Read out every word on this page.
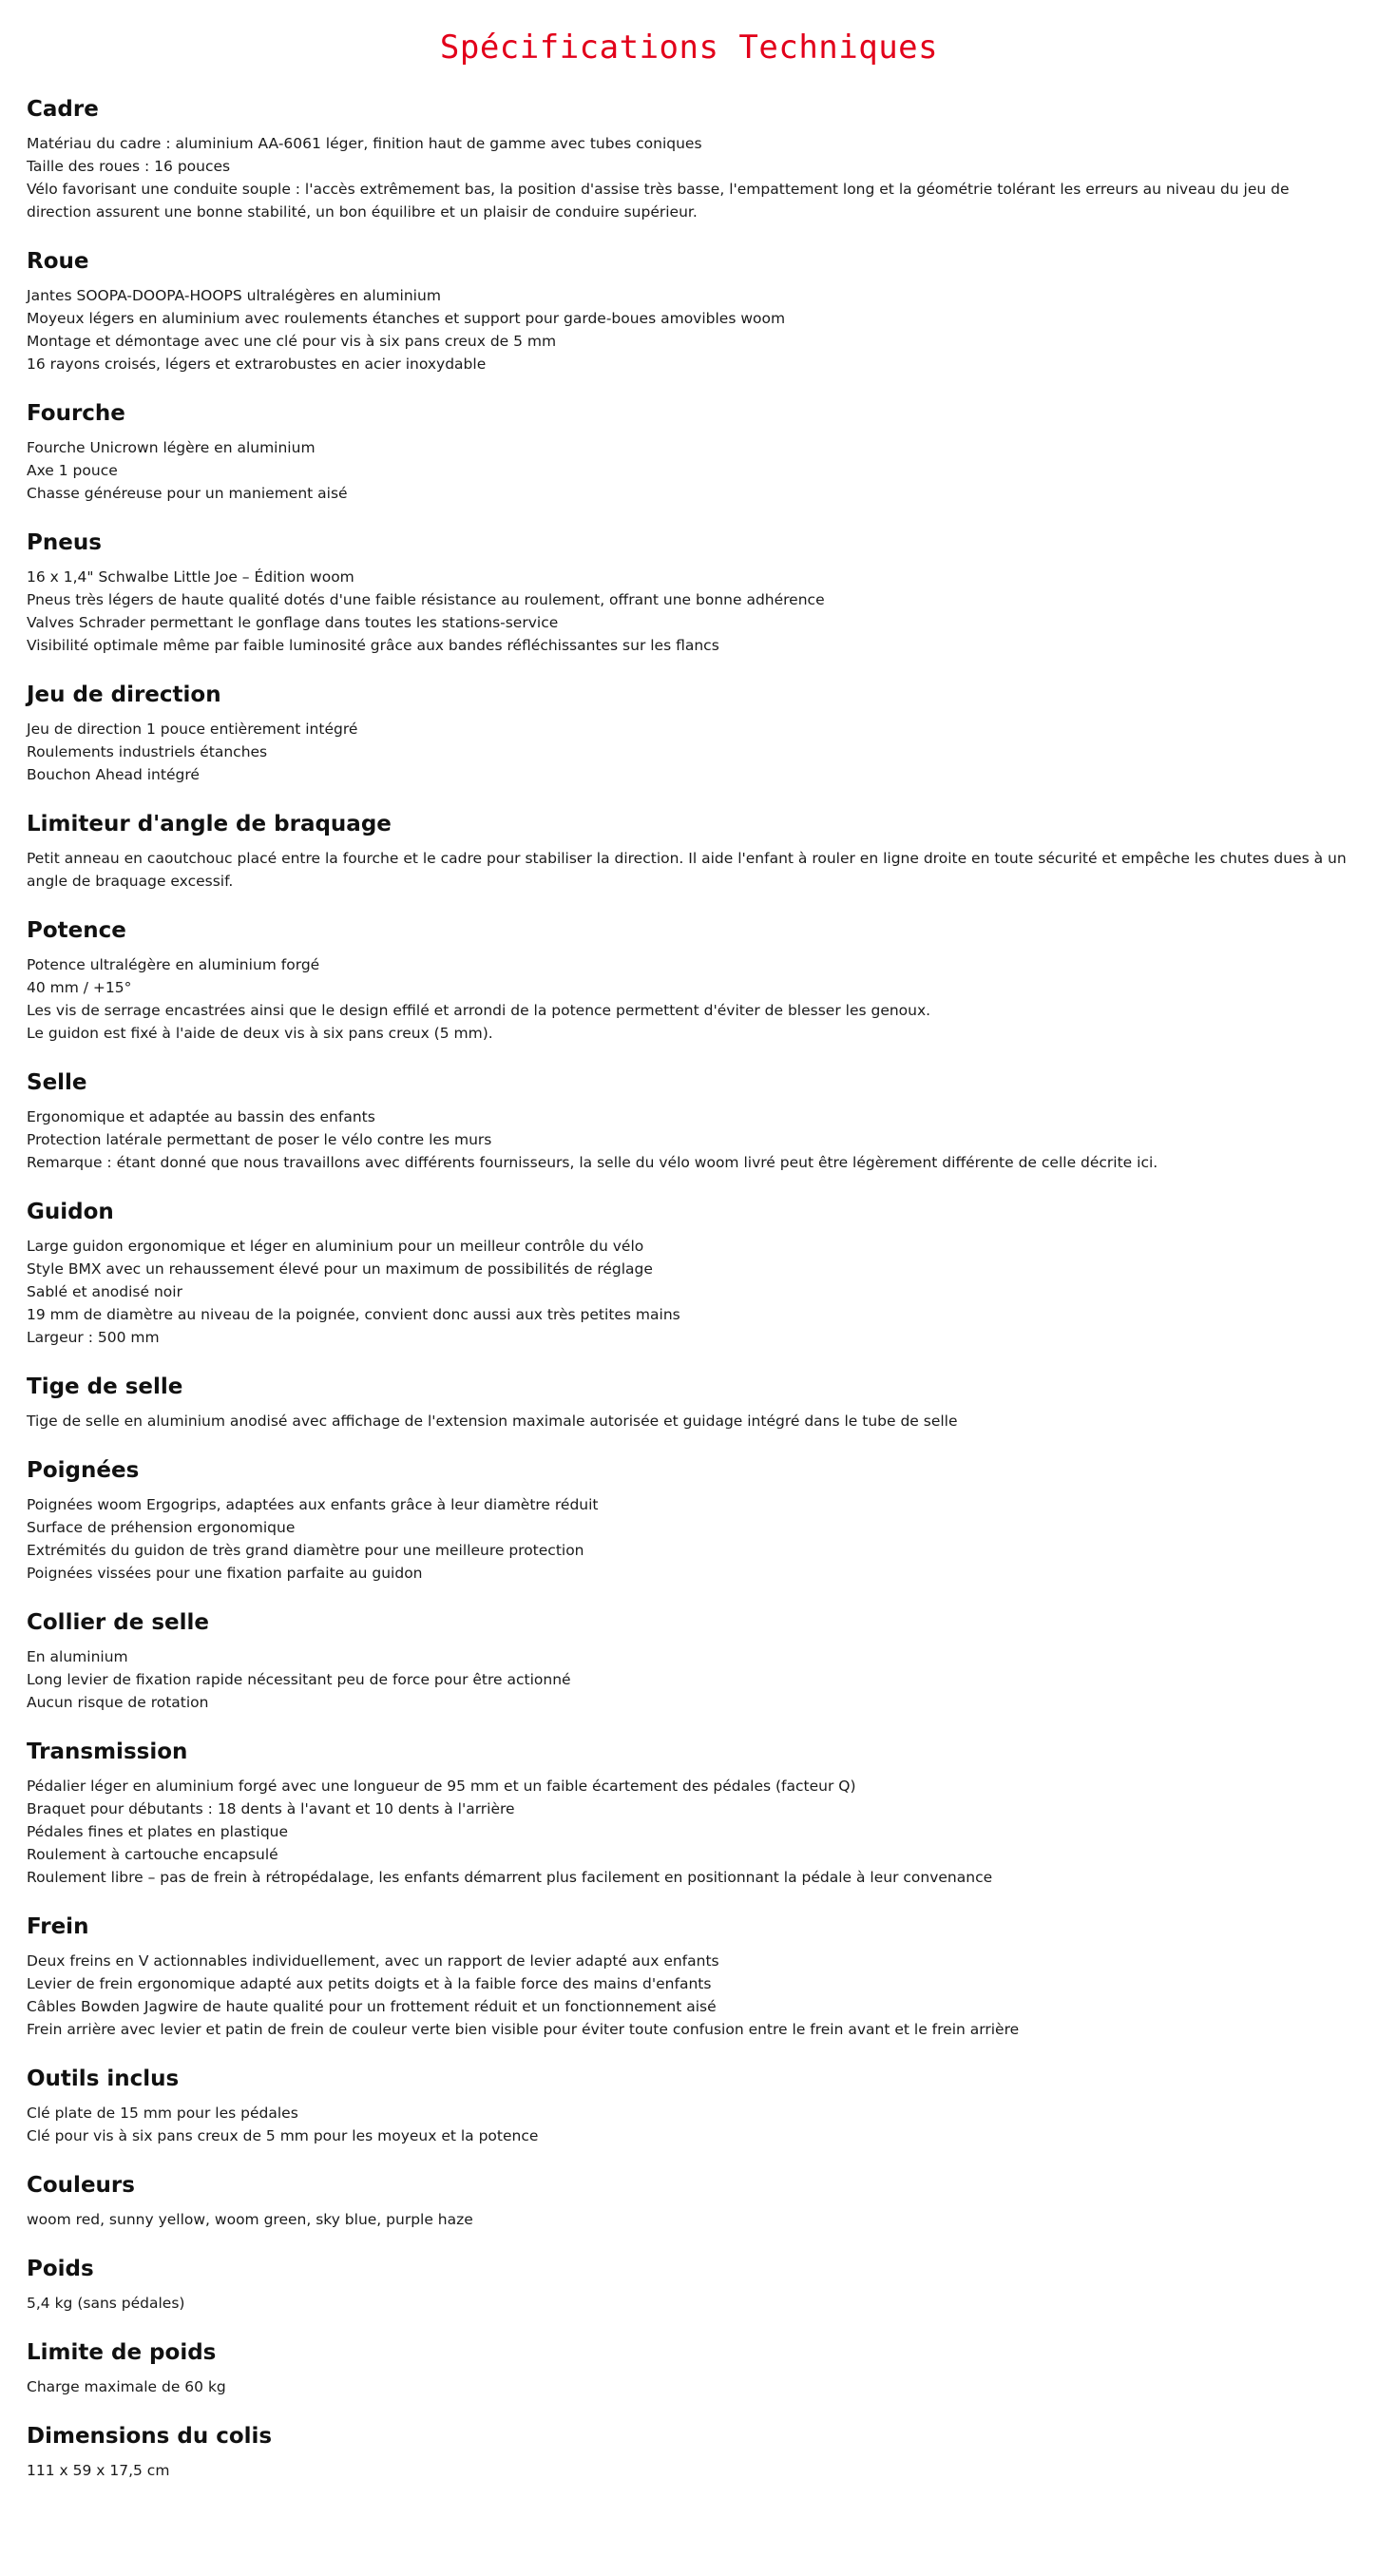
Spécifications Techniques
Cadre
Matériau du cadre : aluminium AA-6061 léger, finition haut de gamme avec tubes coniques
Taille des roues : 16 pouces
Vélo favorisant une conduite souple : l'accès extrêmement bas, la position d'assise très basse, l'empattement long et la géométrie tolérant les erreurs au niveau du jeu de direction assurent une bonne stabilité, un bon équilibre et un plaisir de conduire supérieur.
Roue
Jantes SOOPA-DOOPA-HOOPS ultralégères en aluminium
Moyeux légers en aluminium avec roulements étanches et support pour garde-boues amovibles woom
Montage et démontage avec une clé pour vis à six pans creux de 5 mm
16 rayons croisés, légers et extrarobustes en acier inoxydable
Fourche
Fourche Unicrown légère en aluminium
Axe 1 pouce
Chasse généreuse pour un maniement aisé
Pneus
16 x 1,4" Schwalbe Little Joe – Édition woom
Pneus très légers de haute qualité dotés d'une faible résistance au roulement, offrant une bonne adhérence
Valves Schrader permettant le gonflage dans toutes les stations-service
Visibilité optimale même par faible luminosité grâce aux bandes réfléchissantes sur les flancs
Jeu de direction
Jeu de direction 1 pouce entièrement intégré
Roulements industriels étanches
Bouchon Ahead intégré
Limiteur d'angle de braquage
Petit anneau en caoutchouc placé entre la fourche et le cadre pour stabiliser la direction. Il aide l'enfant à rouler en ligne droite en toute sécurité et empêche les chutes dues à un angle de braquage excessif.
Potence
Potence ultralégère en aluminium forgé
40 mm / +15°
Les vis de serrage encastrées ainsi que le design effilé et arrondi de la potence permettent d'éviter de blesser les genoux.
Le guidon est fixé à l'aide de deux vis à six pans creux (5 mm).
Selle
Ergonomique et adaptée au bassin des enfants
Protection latérale permettant de poser le vélo contre les murs
Remarque : étant donné que nous travaillons avec différents fournisseurs, la selle du vélo woom livré peut être légèrement différente de celle décrite ici.
Guidon
Large guidon ergonomique et léger en aluminium pour un meilleur contrôle du vélo
Style BMX avec un rehaussement élevé pour un maximum de possibilités de réglage
Sablé et anodisé noir
19 mm de diamètre au niveau de la poignée, convient donc aussi aux très petites mains
Largeur : 500 mm
Tige de selle
Tige de selle en aluminium anodisé avec affichage de l'extension maximale autorisée et guidage intégré dans le tube de selle
Poignées
Poignées woom Ergogrips, adaptées aux enfants grâce à leur diamètre réduit
Surface de préhension ergonomique
Extrémités du guidon de très grand diamètre pour une meilleure protection
Poignées vissées pour une fixation parfaite au guidon
Collier de selle
En aluminium
Long levier de fixation rapide nécessitant peu de force pour être actionné
Aucun risque de rotation
Transmission
Pédalier léger en aluminium forgé avec une longueur de 95 mm et un faible écartement des pédales (facteur Q)
Braquet pour débutants : 18 dents à l'avant et 10 dents à l'arrière
Pédales fines et plates en plastique
Roulement à cartouche encapsulé
Roulement libre – pas de frein à rétropédalage, les enfants démarrent plus facilement en positionnant la pédale à leur convenance
Frein
Deux freins en V actionnables individuellement, avec un rapport de levier adapté aux enfants
Levier de frein ergonomique adapté aux petits doigts et à la faible force des mains d'enfants
Câbles Bowden Jagwire de haute qualité pour un frottement réduit et un fonctionnement aisé
Frein arrière avec levier et patin de frein de couleur verte bien visible pour éviter toute confusion entre le frein avant et le frein arrière
Outils inclus
Clé plate de 15 mm pour les pédales
Clé pour vis à six pans creux de 5 mm pour les moyeux et la potence
Couleurs
woom red, sunny yellow, woom green, sky blue, purple haze
Poids
5,4 kg (sans pédales)
Limite de poids
Charge maximale de 60 kg
Dimensions du colis
111 x 59 x 17,5 cm
